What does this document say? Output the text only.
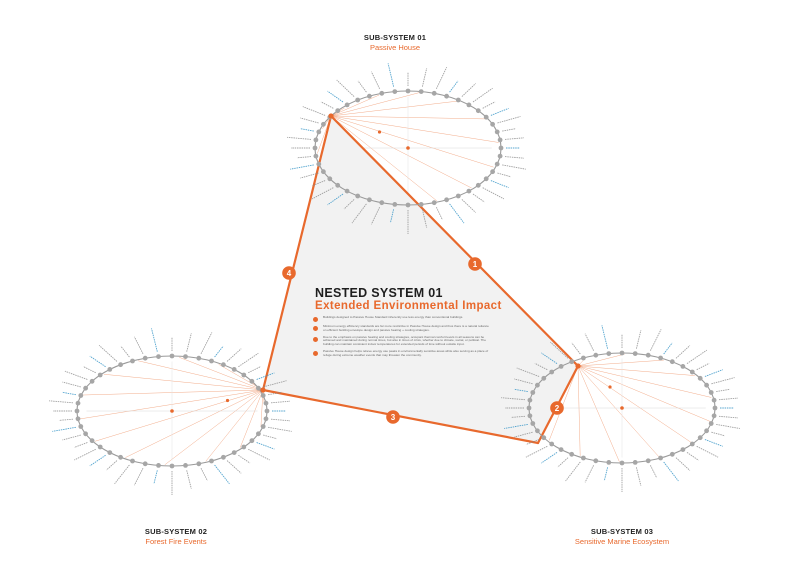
1
2
3
4
SUB-SYSTEM 01
Passive House
SUB-SYSTEM 02
Forest Fire Events
SUB-SYSTEM 03
Sensitive Marine Ecosystem
NESTED SYSTEM 01
Extended Environmental Impact
Buildings designed to Passive House Standard inherently use less energy than conventional buildings.
Minimum energy efficiency standards are far more restrictive in Passive House design and thus there is a natural reliance on efficient building envelope design and passive heating + cooling strategies.
Due to the emphasis on passive heating and cooling strategies, occupant thermal comfort levels in all seasons can be achieved and maintained during normal times, but also in times of crisis, whether due to climate, social, or political. The building can maintain consistent indoor temperatures for extended periods of time without outside input.
Passive House design helps relieve energy use peaks in environmentally sensitive areas while also serving as a place of refuge during extreme weather events that may threaten the community.
